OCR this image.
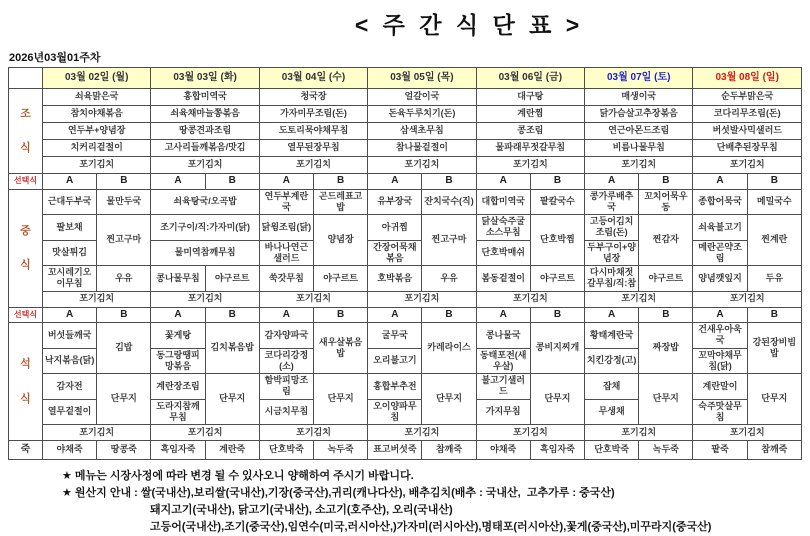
< 주 간 식 단 표 >
2026년03월01주차
	03월 02일 (월)		03월 03일 (화)		03월 04일 (수)		03월 05일 (목)		03월 06일 (금)		03월 07일 (토)		03월 08일 (일)	

조식	쇠육맑은국		홍합미역국		청국장		얼갈이국		대구탕		매생이국		순두부맑은국	
	참치야채볶음		쇠육채마늘쫑볶음		가자미무조림(돈)		돈육두루치기(돈)		계란찜		닭가슴살고추장볶음		코다리무조림(돈)	
	연두부+양념장		땅콩견과조림		도토리묵야채무침		삼색초무침		콩조림		연근아몬드조림		버섯발사믹샐러드	
	치커리겉절이		고사리들깨볶음/맛김		열무된장무침		참나물겉절이		물파래무젓갈무침		비름나물무침		단배추된장무침	
	포기김치		포기김치		포기김치		포기김치		포기김치		포기김치		포기김치	
선택식	A	B	A	B	A	B	A	B	A	B	A	B	A	B

중식	근대두부국	물만두국	쇠육탕국/오곡밥		연두부계란국	곤드레표고밥	유부장국	잔치국수(직)	대합미역국	팥칼국수	콩가루배추국	꼬치어묵우동	종합어묵국	메밀국수
	팔보채	찐고구마	조기구이/직:가자미(닭)		닭윙조림(닭)	양념장	아귀찜	찐고구마	닭살숙주굴소스무침	단호박찜	고등어김치조림(돈)	찐감자	쇠육불고기	찐계란
	맛살튀김		물미역참깨무침		바나나연근샐러드		간장어묵채볶음		단호박매쉬		두부구이+양념장		메란곤약조림	
	꼬시레기오이무침	우유	콩나물무침	야구르트	쑥갓무침	야구르트	호박볶음	우유	봄동겉절이	야구르트	다시마채젓갈무침/직:참	야구르트	양념깻잎지	두유
	포기김치		포기김치		포기김치		포기김치		포기김치		포기김치		포기김치	
선택식	A	B	A	B	A	B	A	B	A	B	A	B	A	B

석식	버섯들깨국	김밥	꽃게탕	김치볶음밥	감자양파국	새우살볶음밥	굴무국	카레라이스	콩나물국	콩비지찌개	황태계란국	짜장밥	건새우아욱국	강된장비빔밥
	낙지볶음(닭)		동그랑땡피망볶음		코다리강정(소)		오리불고기		동태포전(새우살)		치킨강정(고)		꼬막야채무침(닭)	
	감자전	단무지	계란장조림	단무지	함박피망조림	단무지	홍합부추전	단무지	불고기샐러드	단무지	잡채	단무지	계란말이	단무지
	열무겉절이		도라지참깨무침		시금치무침		오이양파무침		가지무침		무생채		숙주맛살무침	
	포기김치		포기김치		포기김치		포기김치		포기김치		포기김치		포기김치	
죽	야채죽	땅콩죽	흑임자죽	계란죽	단호박죽	녹두죽	표고버섯죽	참깨죽	야채죽	흑임자죽	단호박죽	녹두죽	팥죽	참깨죽
★ 메뉴는 시장사정에 따라 변경 될 수 있사오니 양해하여 주시기 바랍니다.
★ 원산지 안내 : 쌀(국내산),보리쌀(국내산),기장(중국산),귀리(캐나다산), 배추김치(배추 : 국내산,  고추가루 : 중국산)
돼지고기(국내산), 닭고기(국내산), 소고기(호주산), 오리(국내산)
고등어(국내산),조기(중국산),임연수(미국,러시아산,)가자미(러시아산),명태포(러시아산),꽃게(중국산),미꾸라지(중국산)
